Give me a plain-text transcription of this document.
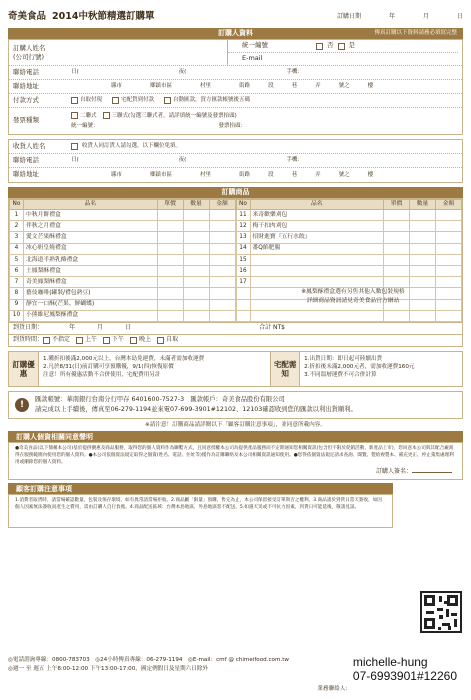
奇美食品 2014中秋節精選訂購單	訂購日期	年	月	日
訂購人資料	傳真訂購以下資料請務必填寫完整
訂購人姓名
(公司行號)
統一編號	否 是
E-mail
聯絡電話	日(	夜(	手機：
聯絡地址	縣市	鄉鎮市區	村里	街路	段	巷	弄	號之	樓
付款方式	自取付現	宅配貨到付款	自動匯款，買方匯款帳號後五碼
發票種類
二聯式	三聯式(勾選三聯式者，請詳填統一編號及發票抬頭)
統一編號：	發票抬頭：
收貨人姓名	收貨人同訂貨人請勾選，以下欄位免填。
聯絡電話	日(	夜(	手機：
聯絡地址	縣市	鄉鎮市區	村里	街路	段	巷	弄	號之	樓
訂購商品
No	品名	單價	數量	金額
1	中秋月餅禮盒			
2	伴秋之月禮盒			
3	愛文芒果酥禮盒			
4	冰心奶皇燒禮盒			
5	北海道半熟乳酪禮盒			
6	土鳳梨酥禮盒			
7	奇美鳳梨酥禮盒			
8	藝伎咖啡(罐裝/禮包熟豆)			
9	靜宜一口酥(芒果、鮮蝴蝶)			
10	小熊維尼鳳梨酥禮盒			
No	品名	單價	數量	金額
11	米奇歡樂刈包			
12	梅干扣肉刈包			
13	招財進寶『五行水餃』			
14	番Q餡肥腸			
15				
16				
17				

※鳳梨酥禮盒選有另售其他入數包裝規格
詳細商品資訊請見奇美食品官方網站
到貨日期：	年	月	日	合計 NT$
到貨時間： 不指定	上午	下午	晚上	自取
訂購優惠
1.購折扣後滿2,000元以上，台灣本島免運費，未滿者需加收運費
2.凡於8/31(日)前訂購可享預購優，9/1(四)恢復原價
注意！所有優惠活動不合併使用，宅配費用另計
宅配需知
1.出貨日期：即日起可陸續出貨
2.折扣後未滿2,000元者，需加收運費160元
3.不同溫層運費不可合併計算
!	匯款帳號：華南銀行台南分行甲存 6401600-7527-3　匯款帳戶：奇美食品股份有限公司
請完成以上手續後，傳真至06-279-1194並來電07-699-3901#12102、12103確認收到您的匯款以利出貨順利。
※請注意！訂購商品請詳閱以下「顧客訂購注意事項」，並同意所載內容。
訂購人個資相關同意聲明
●奇美食品(以下簡稱本公司)基於提供優惠及商品服務，取得您的個人資料作為聯繫方式，且同意授權本公司為提供產品服務而不定期通知您相關資訊(包含但不限於促銷活動、新產品上市)，您同意本公司與其配合廠商得在服務範圍內使用您的個人資料。●本公司依個資法規定取得之個資(姓名、電話、住址等)僅作為訂購聯絡及本公司相關資訊通知使用。●您得依個資法規定請求查詢、閱覽、製給複製本、補充更正、停止蒐集處理利用或刪除您的個人資料。
訂購人簽名：
顧客訂購注意事項
1.消費者取貨時，請當場確認數量、包裝及保存環境，如有異常請當場拒收。2.商品屬「限量」預購，售完為止，本公司保留接受訂單與否之權利。3.商品請於到貨日當天簽收，如因個人因素無法簽收而產生之費用，需由訂購人自行負擔。4.商品配送區域：台灣本島地區，外島地區恕不配送。5.如遇天災或不可抗力因素，到貨日可能延後，敬請見諒。
◎電話諮詢專線：0800-783703　◎24小時傳真專線：06-279-1194　◎E-mail：cmf @ chimeifood.com.tw
◎週一 至 週五 上午8:00-12:00 下午13:00-17:00，國定例假日及星期六日除外
業務聯絡人：
michelle-hung
07-6993901#12260
